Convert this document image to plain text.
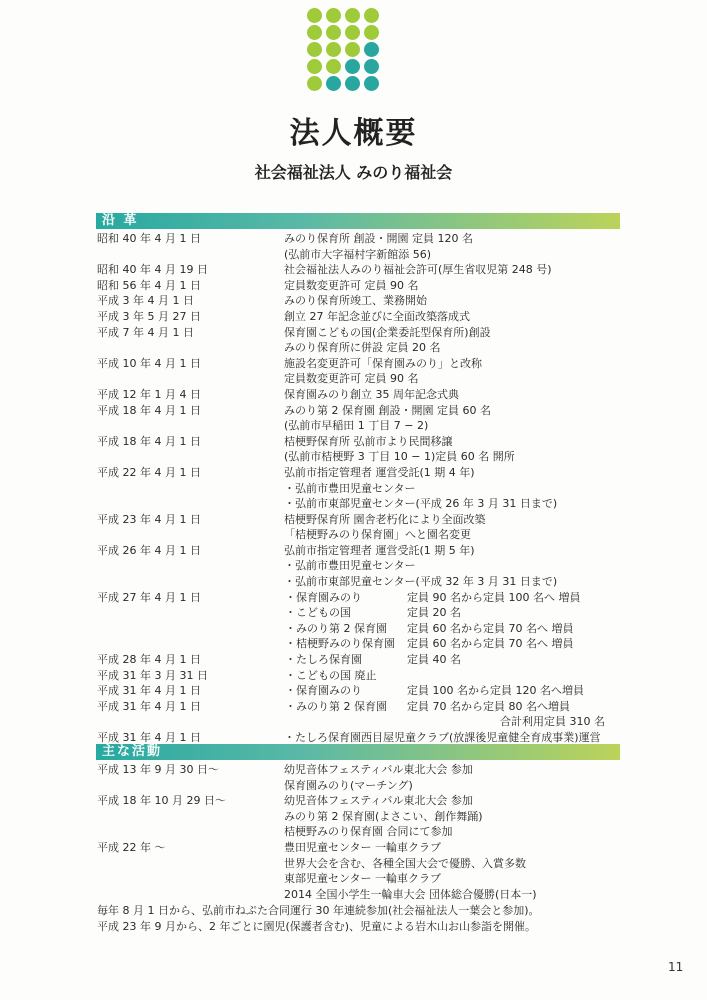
法人概要
社会福祉法人 みのり福祉会
沿 革
昭和 40 年 4 月 1 日	みのり保育所 創設・開園 定員 120 名
(弘前市大字福村字新館添 56)
昭和 40 年 4 月 19 日	社会福祉法人みのり福祉会許可(厚生省収児第 248 号)
昭和 56 年 4 月 1 日	定員数変更許可 定員 90 名
平成 3 年 4 月 1 日	みのり保育所竣工、業務開始
平成 3 年 5 月 27 日	創立 27 年記念並びに全面改築落成式
平成 7 年 4 月 1 日	保育園こどもの国(企業委託型保育所)創設
みのり保育所に併設 定員 20 名
平成 10 年 4 月 1 日	施設名変更許可「保育園みのり」と改称
定員数変更許可 定員 90 名
平成 12 年 1 月 4 日	保育園みのり創立 35 周年記念式典
平成 18 年 4 月 1 日	みのり第 2 保育園 創設・開園 定員 60 名
(弘前市早稲田 1 丁目 7 − 2)
平成 18 年 4 月 1 日	桔梗野保育所 弘前市より民間移譲
(弘前市桔梗野 3 丁目 10 − 1)定員 60 名 開所
平成 22 年 4 月 1 日	弘前市指定管理者 運営受託(1 期 4 年)
・弘前市豊田児童センター
・弘前市東部児童センター(平成 26 年 3 月 31 日まで)
平成 23 年 4 月 1 日	桔梗野保育所 園舎老朽化により全面改築
「桔梗野みのり保育園」へと園名変更
平成 26 年 4 月 1 日	弘前市指定管理者 運営受託(1 期 5 年)
・弘前市豊田児童センター
・弘前市東部児童センター(平成 32 年 3 月 31 日まで)
平成 27 年 4 月 1 日	・保育園みのり	定員 90 名から定員 100 名へ 増員
・こどもの国	定員 20 名
・みのり第 2 保育園 定員 60 名から定員 70 名へ 増員
・桔梗野みのり保育園 定員 60 名から定員 70 名へ 増員
平成 28 年 4 月 1 日	・たしろ保育園	定員 40 名
平成 31 年 3 月 31 日	・こどもの国 廃止
平成 31 年 4 月 1 日	・保育園みのり	定員 100 名から定員 120 名へ増員
平成 31 年 4 月 1 日	・みのり第 2 保育園 定員 70 名から定員 80 名へ増員
合計利用定員 310 名
平成 31 年 4 月 1 日	・たしろ保育園西目屋児童クラブ(放課後児童健全育成事業)運営
主な活動
平成 13 年 9 月 30 日〜	幼児音体フェスティバル東北大会 参加
保育園みのり(マーチング)
平成 18 年 10 月 29 日〜	幼児音体フェスティバル東北大会 参加
みのり第 2 保育園(よさこい、創作舞踊)
桔梗野みのり保育園 合同にて参加
平成 22 年 〜	豊田児童センター 一輪車クラブ
世界大会を含む、各種全国大会で優勝、入賞多数
東部児童センター 一輪車クラブ
2014 全国小学生一輪車大会 団体総合優勝(日本一)
毎年 8 月 1 日から、弘前市ねぷた合同運行 30 年連続参加(社会福祉法人一葉会と参加)。
平成 23 年 9 月から、2 年ごとに園児(保護者含む)、児童による岩木山お山参詣を開催。
11
